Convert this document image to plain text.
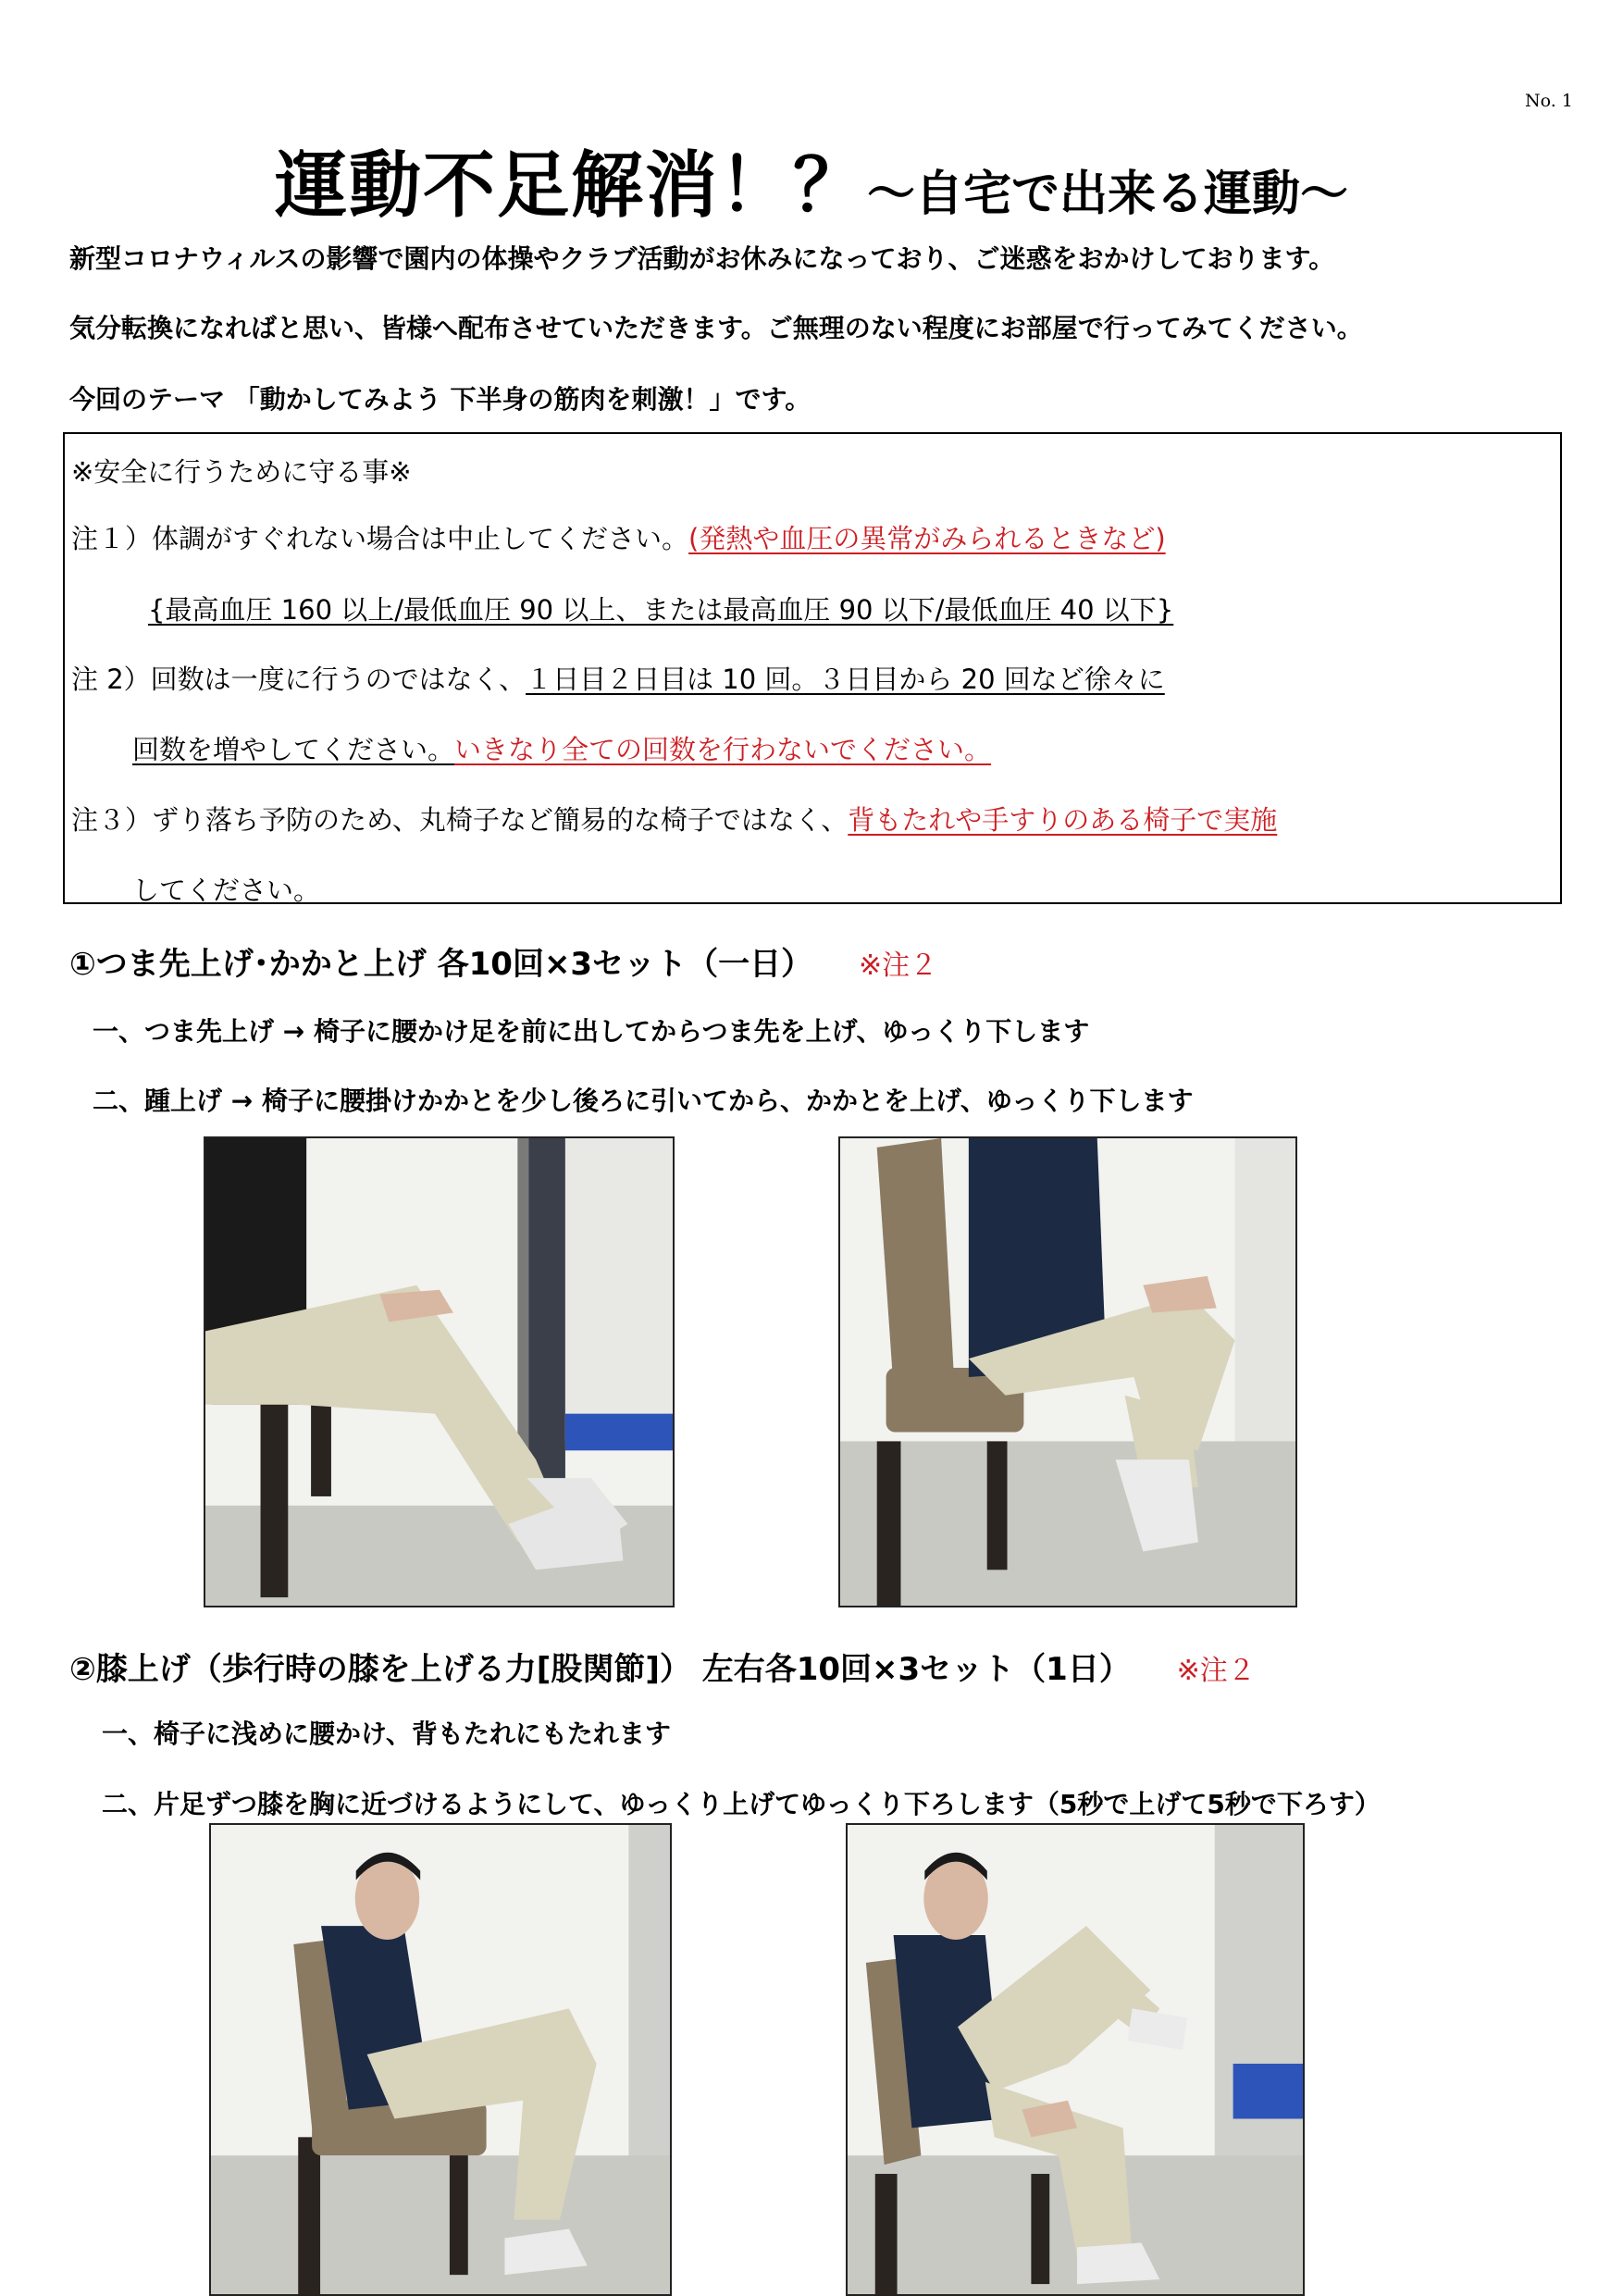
No. 1
運動不足解消！？～自宅で出来る運動～
新型コロナウィルスの影響で園内の体操やクラブ活動がお休みになっており、ご迷惑をおかけしております。
気分転換になればと思い、皆様へ配布させていただきます。ご無理のない程度にお部屋で行ってみてください。
今回のテーマ 「動かしてみよう 下半身の筋肉を刺激！」です。
※安全に行うために守る事※
注１）体調がすぐれない場合は中止してください。(発熱や血圧の異常がみられるときなど)
{最高血圧 160 以上/最低血圧 90 以上、または最高血圧 90 以下/最低血圧 40 以下}
注 2）回数は一度に行うのではなく、１日目２日目は 10 回。３日目から 20 回など徐々に
回数を増やしてください。いきなり全ての回数を行わないでください。
注３）ずり落ち予防のため、丸椅子など簡易的な椅子ではなく、背もたれや手すりのある椅子で実施
してください。
①つま先上げ･かかと上げ 各10回×3セット（一日） ※注２
一、つま先上げ → 椅子に腰かけ足を前に出してからつま先を上げ、ゆっくり下します
二、踵上げ → 椅子に腰掛けかかとを少し後ろに引いてから、かかとを上げ、ゆっくり下します
②膝上げ（歩行時の膝を上げる力[股関節]） 左右各10回×3セット（1日） ※注２
一、椅子に浅めに腰かけ、背もたれにもたれます
二、片足ずつ膝を胸に近づけるようにして、ゆっくり上げてゆっくり下ろします（5秒で上げて5秒で下ろす）
